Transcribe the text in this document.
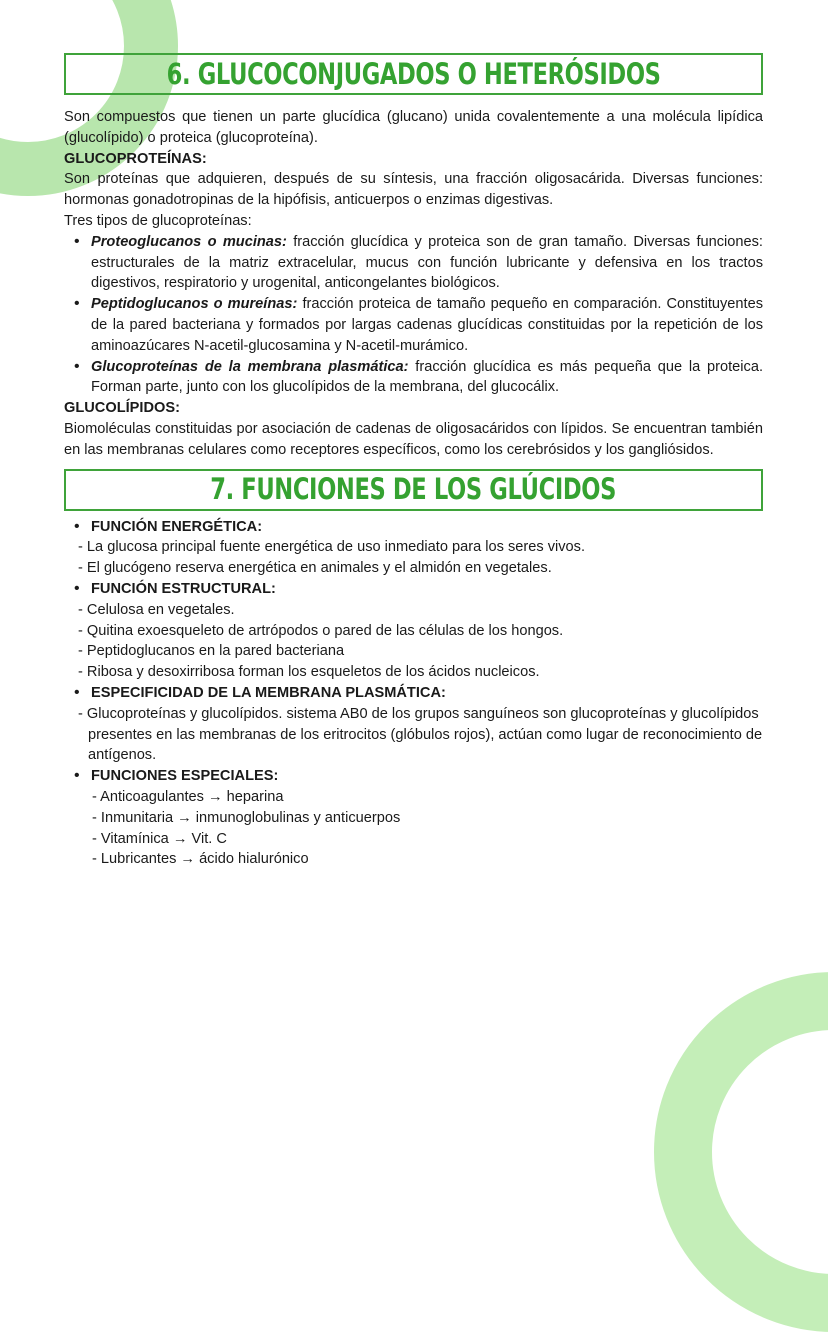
6. GLUCOCONJUGADOS O HETERÓSIDOS

Son compuestos que tienen un parte glucídica (glucano) unida covalentemente a una molécula lipídica (glucolípido) o proteica (glucoproteína).

GLUCOPROTEÍNAS:

Son proteínas que adquieren, después de su síntesis, una fracción oligosacárida. Diversas funciones: hormonas gonadotropinas de la hipófisis, anticuerpos o enzimas digestivas.

Tres tipos de glucoproteínas:

• Proteoglucanos o mucinas: fracción glucídica y proteica son de gran tamaño. Diversas funciones: estructurales de la matriz extracelular, mucus con función lubricante y defensiva en los tractos digestivos, respiratorio y urogenital, anticongelantes biológicos.
• Peptidoglucanos o mureínas: fracción proteica de tamaño pequeño en comparación. Constituyentes de la pared bacteriana y formados por largas cadenas glucídicas constituidas por la repetición de los aminoazúcares N-acetil-glucosamina y N-acetil-murámico.
• Glucoproteínas de la membrana plasmática: fracción glucídica es más pequeña que la proteica. Forman parte, junto con los glucolípidos de la membrana, del glucocálix.

GLUCOLÍPIDOS:

Biomoléculas constituidas por asociación de cadenas de oligosacáridos con lípidos. Se encuentran también en las membranas celulares como receptores específicos, como los cerebrósidos y los gangliósidos.

7. FUNCIONES DE LOS GLÚCIDOS
• FUNCIÓN ENERGÉTICA:
- La glucosa principal fuente energética de uso inmediato para los seres vivos.
- El glucógeno reserva energética en animales y el almidón en vegetales.
• FUNCIÓN ESTRUCTURAL:
- Celulosa en vegetales.
- Quitina exoesqueleto de artrópodos o pared de las células de los hongos.
- Peptidoglucanos en la pared bacteriana
- Ribosa y desoxirribosa forman los esqueletos de los ácidos nucleicos.
• ESPECIFICIDAD DE LA MEMBRANA PLASMÁTICA:
- Glucoproteínas y glucolípidos. sistema AB0 de los grupos sanguíneos son glucoproteínas y glucolípidos presentes en las membranas de los eritrocitos (glóbulos rojos), actúan como lugar de reconocimiento de antígenos.
• FUNCIONES ESPECIALES:
- Anticoagulantes → heparina
- Inmunitaria → inmunoglobulinas y anticuerpos
- Vitamínica → Vit. C
- Lubricantes → ácido hialurónico
